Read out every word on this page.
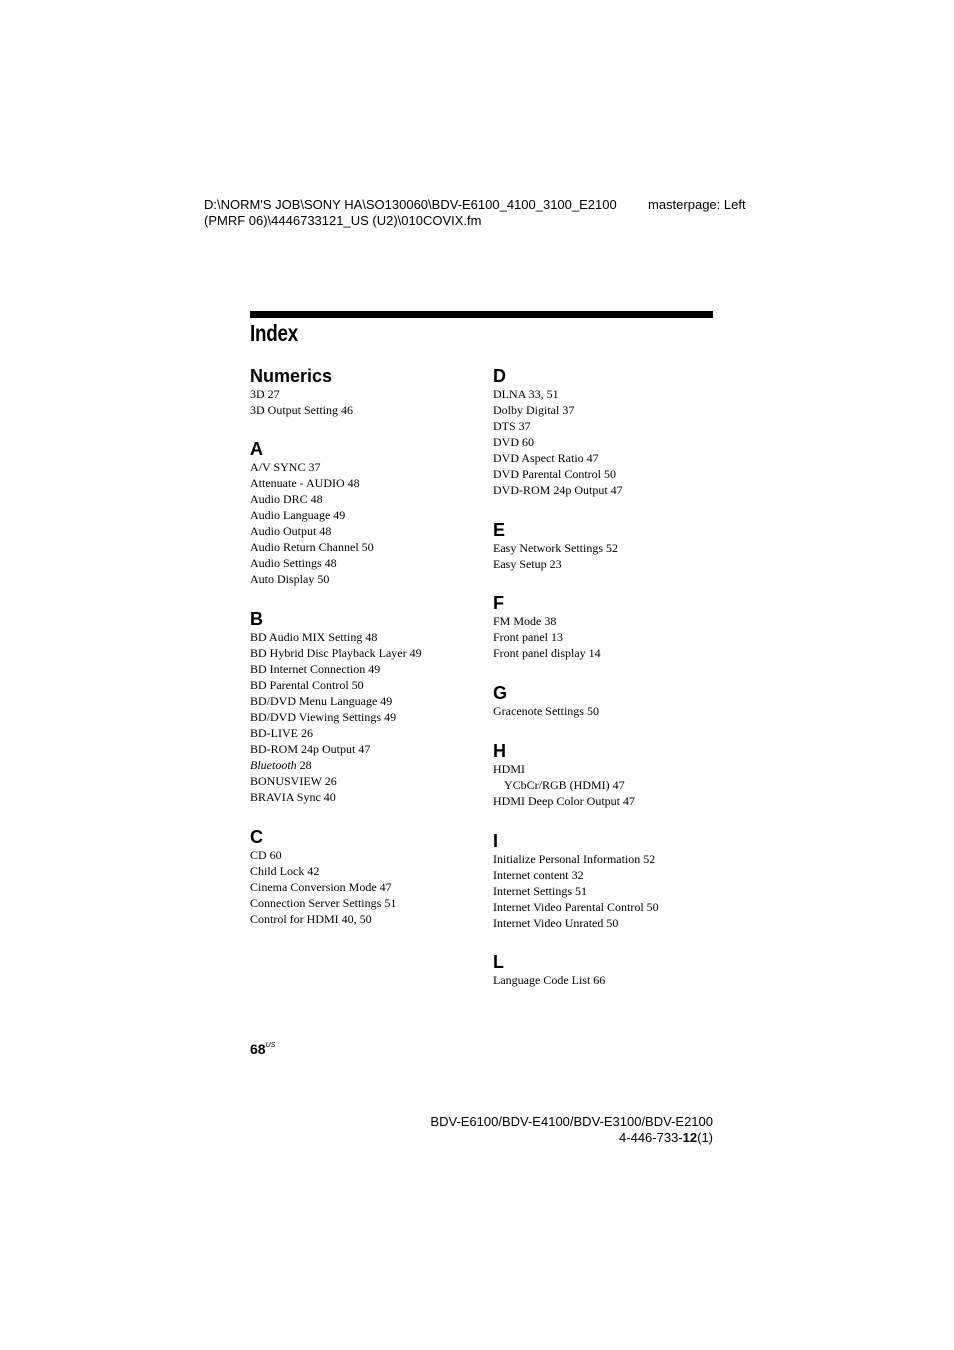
D:\NORM'S JOB\SONY HA\SO130060\BDV-E6100_4100_3100_E2100
(PMRF 06)\4446733121_US (U2)\010COVIX.fm
masterpage: Left
Index
Numerics
3D 27
3D Output Setting 46
A
A/V SYNC 37
Attenuate - AUDIO 48
Audio DRC 48
Audio Language 49
Audio Output 48
Audio Return Channel 50
Audio Settings 48
Auto Display 50
B
BD Audio MIX Setting 48
BD Hybrid Disc Playback Layer 49
BD Internet Connection 49
BD Parental Control 50
BD/DVD Menu Language 49
BD/DVD Viewing Settings 49
BD-LIVE 26
BD-ROM 24p Output 47
Bluetooth 28
BONUSVIEW 26
BRAVIA Sync 40
C
CD 60
Child Lock 42
Cinema Conversion Mode 47
Connection Server Settings 51
Control for HDMI 40, 50
D
DLNA 33, 51
Dolby Digital 37
DTS 37
DVD 60
DVD Aspect Ratio 47
DVD Parental Control 50
DVD-ROM 24p Output 47
E
Easy Network Settings 52
Easy Setup 23
F
FM Mode 38
Front panel 13
Front panel display 14
G
Gracenote Settings 50
H
HDMI
YCbCr/RGB (HDMI) 47
HDMI Deep Color Output 47
I
Initialize Personal Information 52
Internet content 32
Internet Settings 51
Internet Video Parental Control 50
Internet Video Unrated 50
L
Language Code List 66
$68^{US}$
BDV-E6100/BDV-E4100/BDV-E3100/BDV-E2100
4-446-733-12(1)
